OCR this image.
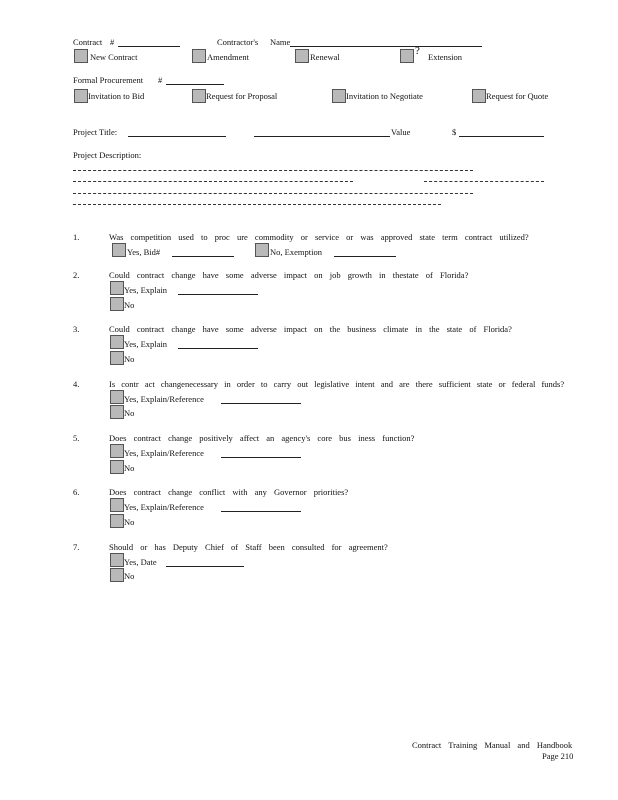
Contract #	Contractor's Name
New Contract	Amendment	Renewal	? Extension
Formal Procurement #
Invitation to Bid	Request for Proposal	Invitation to Negotiate	Request for Quote
Project Title:	Value	$
Project Description:
1.	Was competition used to proc ure commodity or service or was approved state term contract utilized?
Yes, Bid#	No, Exemption
2.	Could contract change have some adverse impact on job growth in thestate of Florida?
Yes, Explain
No
3.	Could contract change have some adverse impact on the business climate in the state of Florida?
Yes, Explain
No
4.	Is contr act changenecessary in order to carry out legislative intent and are there sufficient state or federal funds?
Yes, Explain/Reference
No
5.	Does contract change positively affect an agency's core bus iness function?
Yes, Explain/Reference
No
6.	Does contract change conflict with any Governor priorities?
Yes, Explain/Reference
No
7.	Should or has Deputy Chief of Staff been consulted for agreement?
Yes, Date
No
Contract Training Manual and Handbook
Page 210
